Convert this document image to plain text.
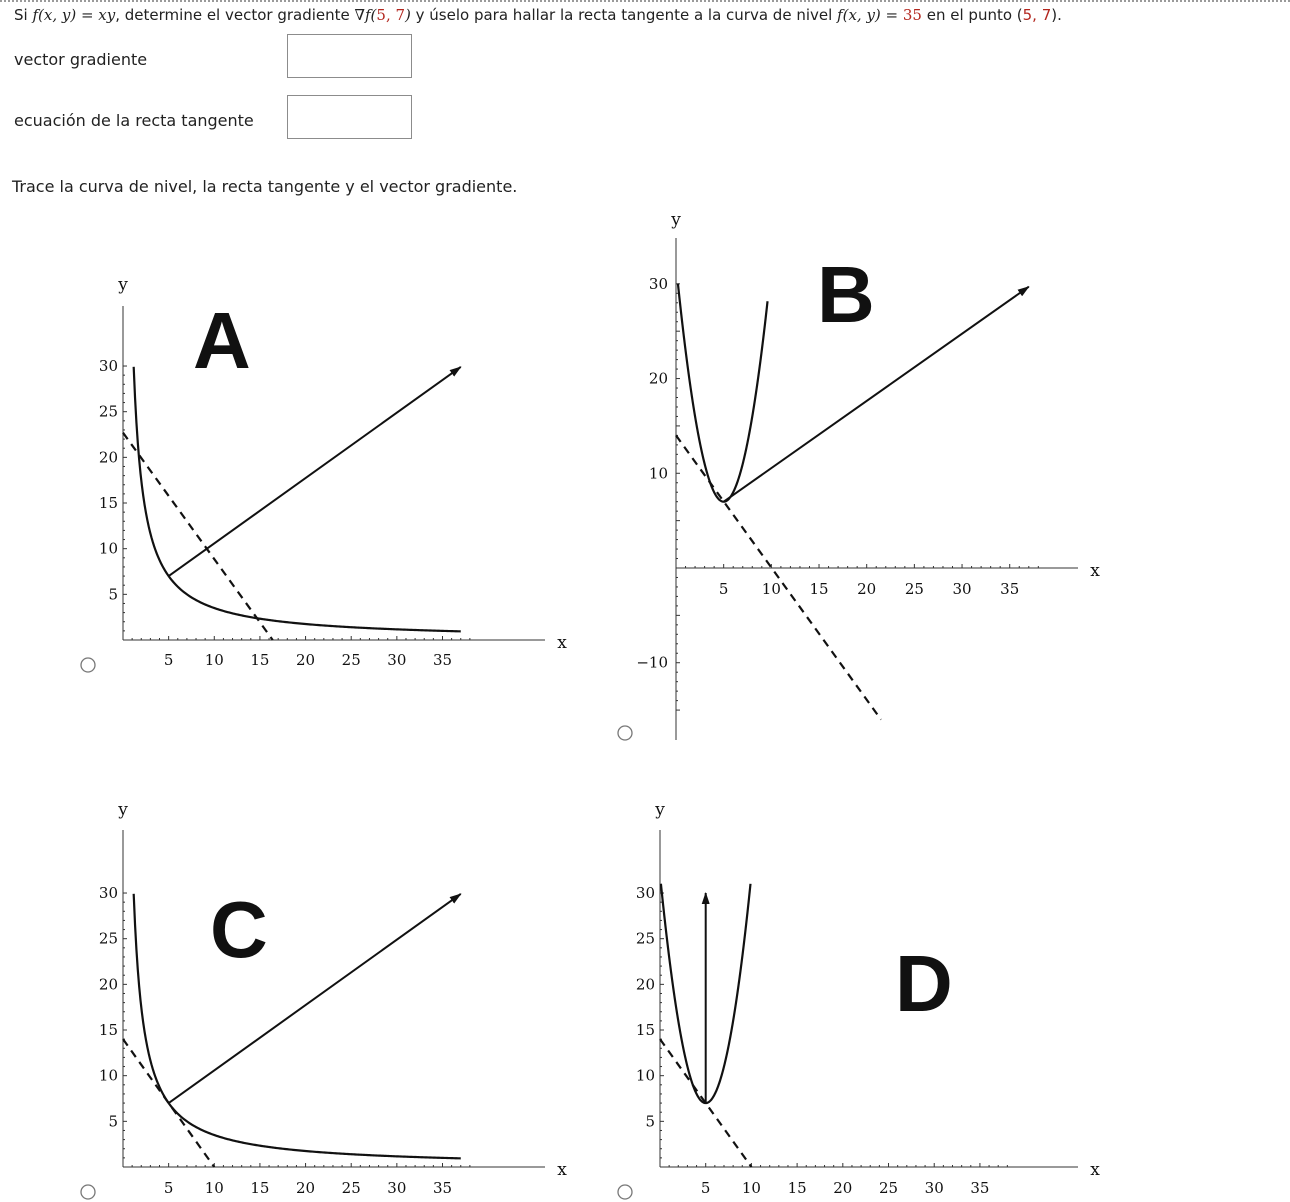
Si f(x, y) = xy, determine el vector gradiente ∇f(5, 7) y úselo para hallar la recta tangente a la curva de nivel f(x, y) = 35 en el punto (5, 7).
vector gradiente
ecuación de la recta tangente
Trace la curva de nivel, la recta tangente y el vector gradiente.
5 10 15 20 25 30 35
5
10
15
20
25
30
y
x
A
5 10 15 20 25 30 35
−10
10
20
30
y
x
B
5 10 15 20 25 30 35
5
10
15
20
25
30
y
x
C
5 10 15 20 25 30 35
5
10
15
20
25
30
y
x
D
